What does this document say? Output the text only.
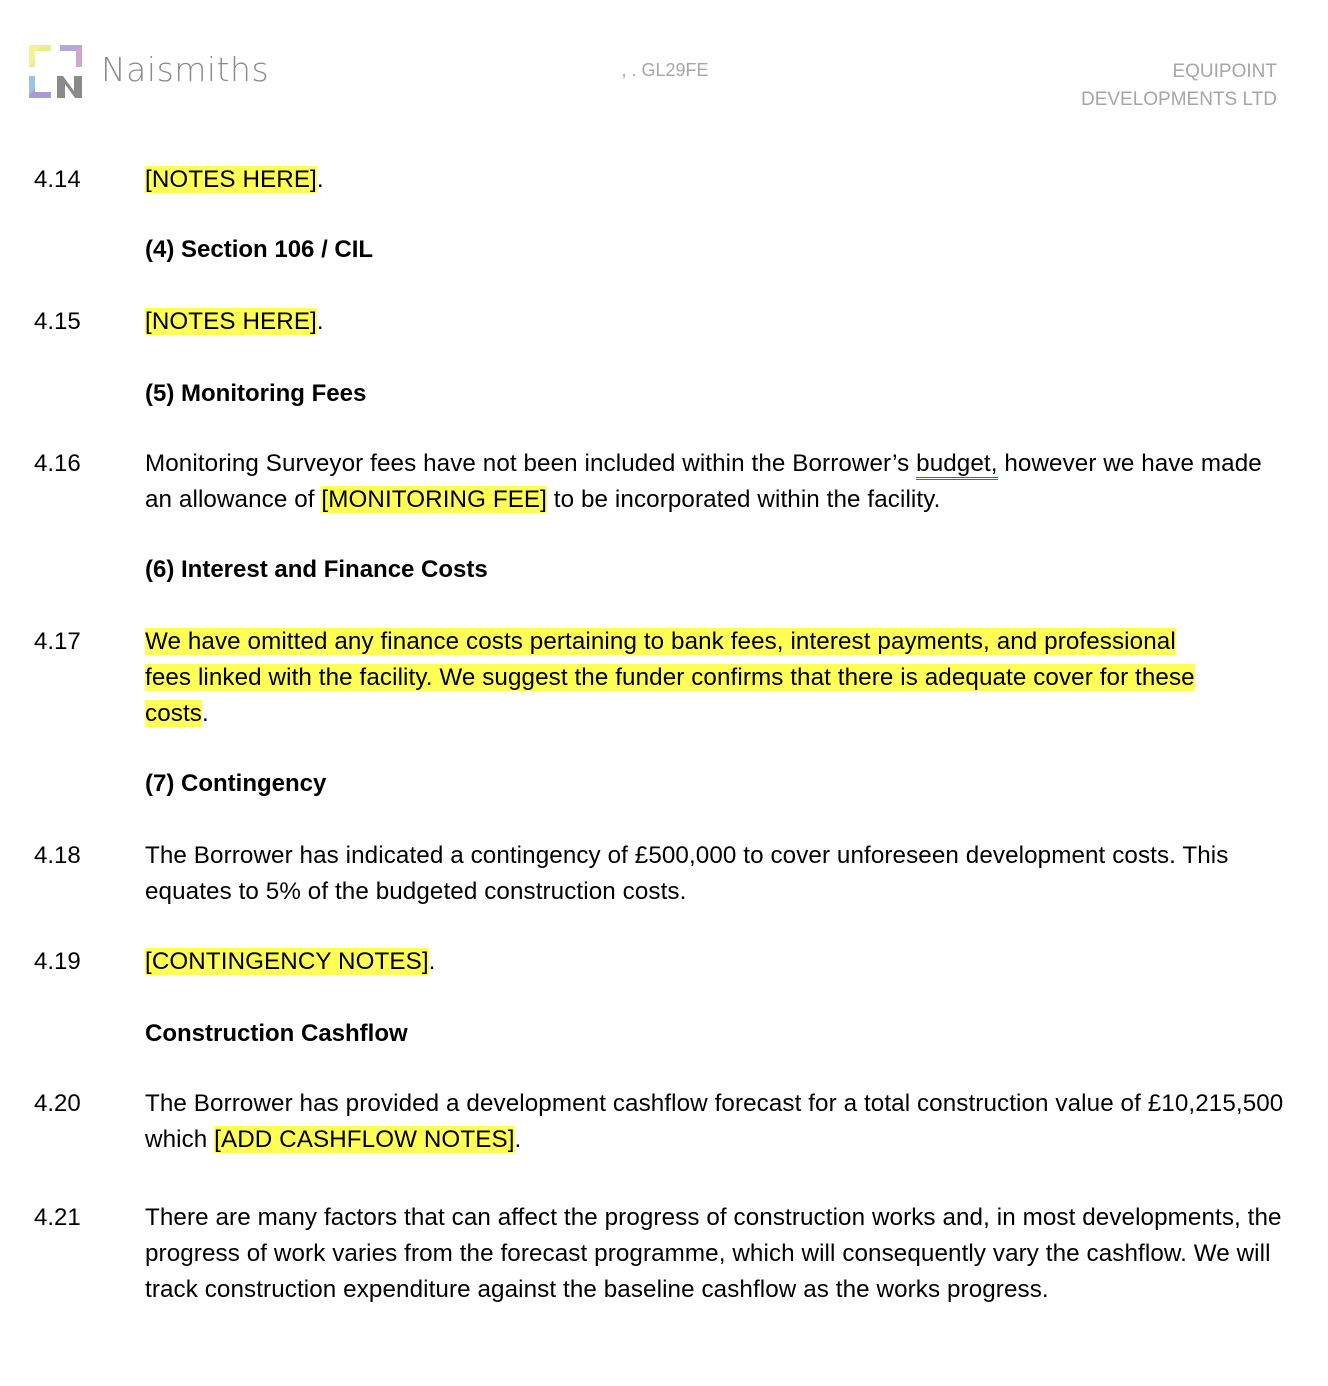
Naismiths	, . GL29FE	EQUIPOINT
DEVELOPMENTS LTD
4.14	[NOTES HERE].
(4) Section 106 / CIL
4.15	[NOTES HERE].
(5) Monitoring Fees
4.16	Monitoring Surveyor fees have not been included within the Borrower’s budget, however we have made an allowance of [MONITORING FEE] to be incorporated within the facility.
(6) Interest and Finance Costs
4.17	We have omitted any finance costs pertaining to bank fees, interest payments, and professional fees linked with the facility. We suggest the funder confirms that there is adequate cover for these costs.
(7) Contingency
4.18	The Borrower has indicated a contingency of £500,000 to cover unforeseen development costs. This equates to 5% of the budgeted construction costs.
4.19	[CONTINGENCY NOTES].
Construction Cashflow
4.20	The Borrower has provided a development cashflow forecast for a total construction value of £10,215,500 which [ADD CASHFLOW NOTES].
4.21	There are many factors that can affect the progress of construction works and, in most developments, the progress of work varies from the forecast programme, which will consequently vary the cashflow. We will track construction expenditure against the baseline cashflow as the works progress.
